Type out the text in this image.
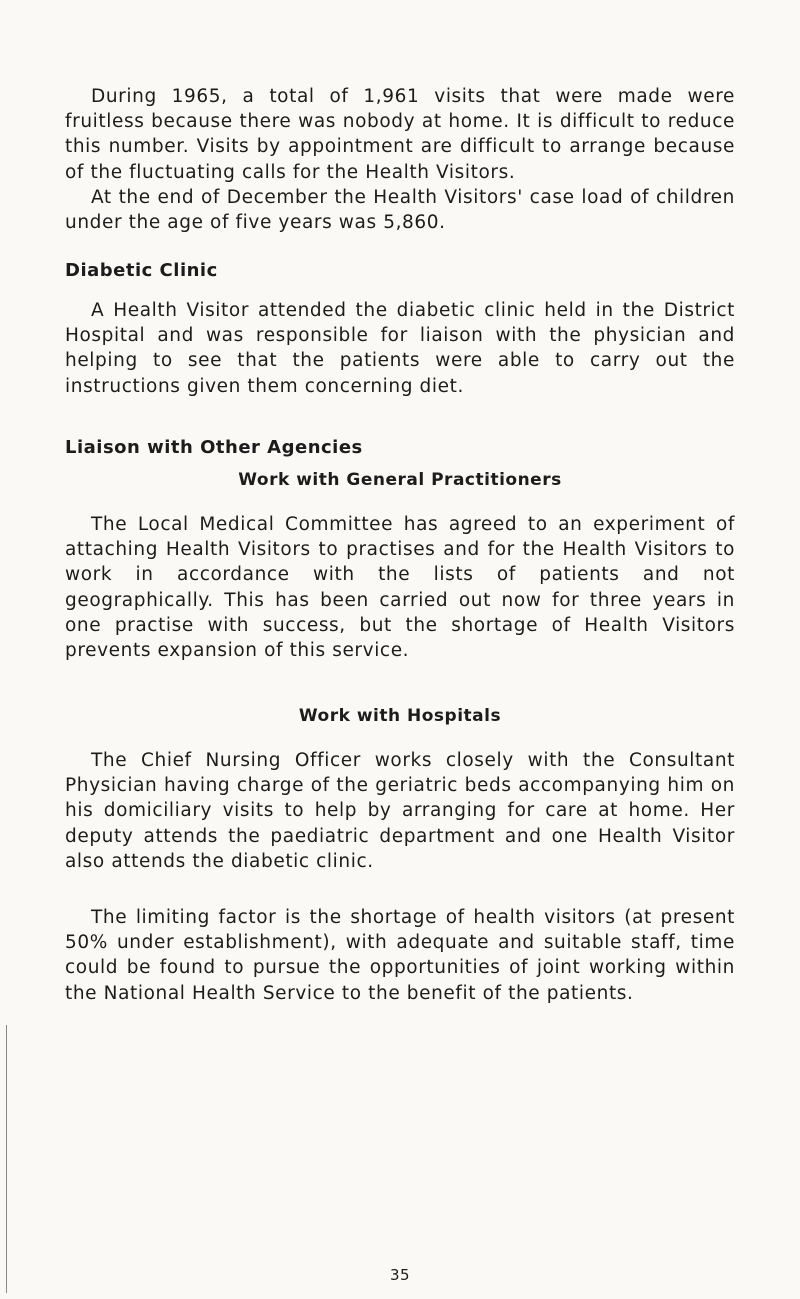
During 1965, a total of 1,961 visits that were made were fruitless because there was nobody at home. It is difficult to reduce this number. Visits by appointment are difficult to arrange because of the fluctuating calls for the Health Visitors.

At the end of December the Health Visitors' case load of children under the age of five years was 5,860.

Diabetic Clinic

A Health Visitor attended the diabetic clinic held in the District Hospital and was responsible for liaison with the physician and helping to see that the patients were able to carry out the instructions given them concerning diet.

Liaison with Other Agencies
Work with General Practitioners

The Local Medical Committee has agreed to an experiment of attaching Health Visitors to practises and for the Health Visitors to work in accordance with the lists of patients and not geographically. This has been carried out now for three years in one practise with success, but the shortage of Health Visitors prevents expansion of this service.

Work with Hospitals

The Chief Nursing Officer works closely with the Consultant Physician having charge of the geriatric beds accompanying him on his domiciliary visits to help by arranging for care at home. Her deputy attends the paediatric department and one Health Visitor also attends the diabetic clinic.

The limiting factor is the shortage of health visitors (at present 50% under establishment), with adequate and suitable staff, time could be found to pursue the opportunities of joint working within the National Health Service to the benefit of the patients.

35
